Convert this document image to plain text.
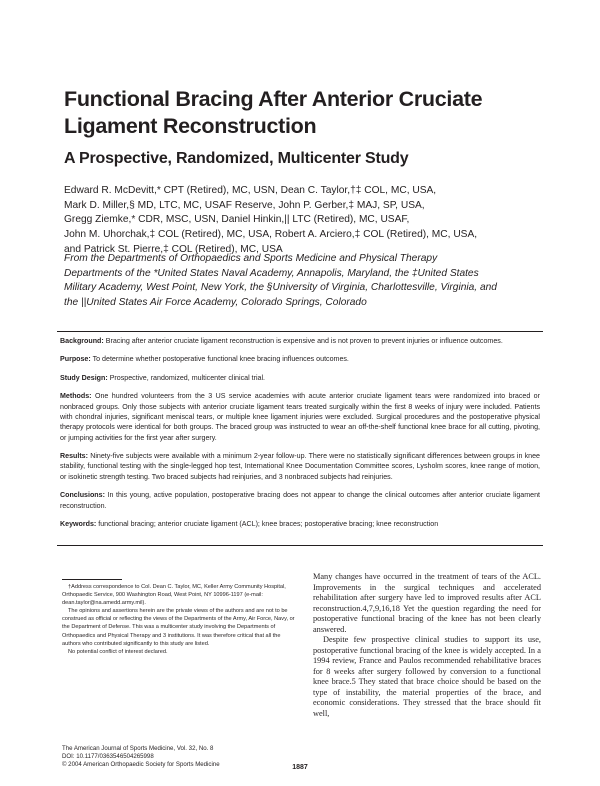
Functional Bracing After Anterior Cruciate Ligament Reconstruction
A Prospective, Randomized, Multicenter Study

Edward R. McDevitt,* CPT (Retired), MC, USN, Dean C. Taylor,†‡ COL, MC, USA,

Mark D. Miller,§ MD, LTC, MC, USAF Reserve, John P. Gerber,‡ MAJ, SP, USA,

Gregg Ziemke,* CDR, MSC, USN, Daniel Hinkin,|| LTC (Retired), MC, USAF,

John M. Uhorchak,‡ COL (Retired), MC, USA, Robert A. Arciero,‡ COL (Retired), MC, USA,

and Patrick St. Pierre,‡ COL (Retired), MC, USA

From the Departments of Orthopaedics and Sports Medicine and Physical Therapy

Departments of the *United States Naval Academy, Annapolis, Maryland, the ‡United States

Military Academy, West Point, New York, the §University of Virginia, Charlottesville, Virginia, and

the ||United States Air Force Academy, Colorado Springs, Colorado

Background: Bracing after anterior cruciate ligament reconstruction is expensive and is not proven to prevent injuries or influence outcomes.

Purpose: To determine whether postoperative functional knee bracing influences outcomes.

Study Design: Prospective, randomized, multicenter clinical trial.

Methods: One hundred volunteers from the 3 US service academies with acute anterior cruciate ligament tears were randomized into braced or nonbraced groups. Only those subjects with anterior cruciate ligament tears treated surgically within the first 8 weeks of injury were included. Patients with chondral injuries, significant meniscal tears, or multiple knee ligament injuries were excluded. Surgical procedures and the postoperative physical therapy protocols were identical for both groups. The braced group was instructed to wear an off-the-shelf functional knee brace for all cutting, pivoting, or jumping activities for the first year after surgery.

Results: Ninety-five subjects were available with a minimum 2-year follow-up. There were no statistically significant differences between groups in knee stability, functional testing with the single-legged hop test, International Knee Documentation Committee scores, Lysholm scores, knee range of motion, or isokinetic strength testing. Two braced subjects had reinjuries, and 3 nonbraced subjects had reinjuries.

Conclusions: In this young, active population, postoperative bracing does not appear to change the clinical outcomes after anterior cruciate ligament reconstruction.

Keywords: functional bracing; anterior cruciate ligament (ACL); knee braces; postoperative bracing; knee reconstruction

†Address correspondence to Col. Dean C. Taylor, MC, Keller Army Community Hospital, Orthopaedic Service, 900 Washington Road, West Point, NY 10996-1197 (e-mail: dean.taylor@na.amedd.army.mil).

The opinions and assertions herein are the private views of the authors and are not to be construed as official or reflecting the views of the Departments of the Army, Air Force, Navy, or the Department of Defense. This was a multicenter study involving the Departments of Orthopaedics and Physical Therapy and 3 institutions. It was therefore critical that all the authors who contributed significantly to this study are listed.

No potential conflict of interest declared.

The American Journal of Sports Medicine, Vol. 32, No. 8
DOI: 10.1177/0363546504265998
© 2004 American Orthopaedic Society for Sports Medicine

Many changes have occurred in the treatment of tears of the ACL. Improvements in the surgical techniques and accelerated rehabilitation after surgery have led to improved results after ACL reconstruction.4,7,9,16,18 Yet the question regarding the need for postoperative functional bracing of the knee has not been clearly answered.

Despite few prospective clinical studies to support its use, postoperative functional bracing of the knee is widely accepted. In a 1994 review, France and Paulos recommended rehabilitative braces for 8 weeks after surgery followed by conversion to a functional knee brace.5 They stated that brace choice should be based on the type of instability, the material properties of the brace, and economic considerations. They stressed that the brace should fit well,

1887
